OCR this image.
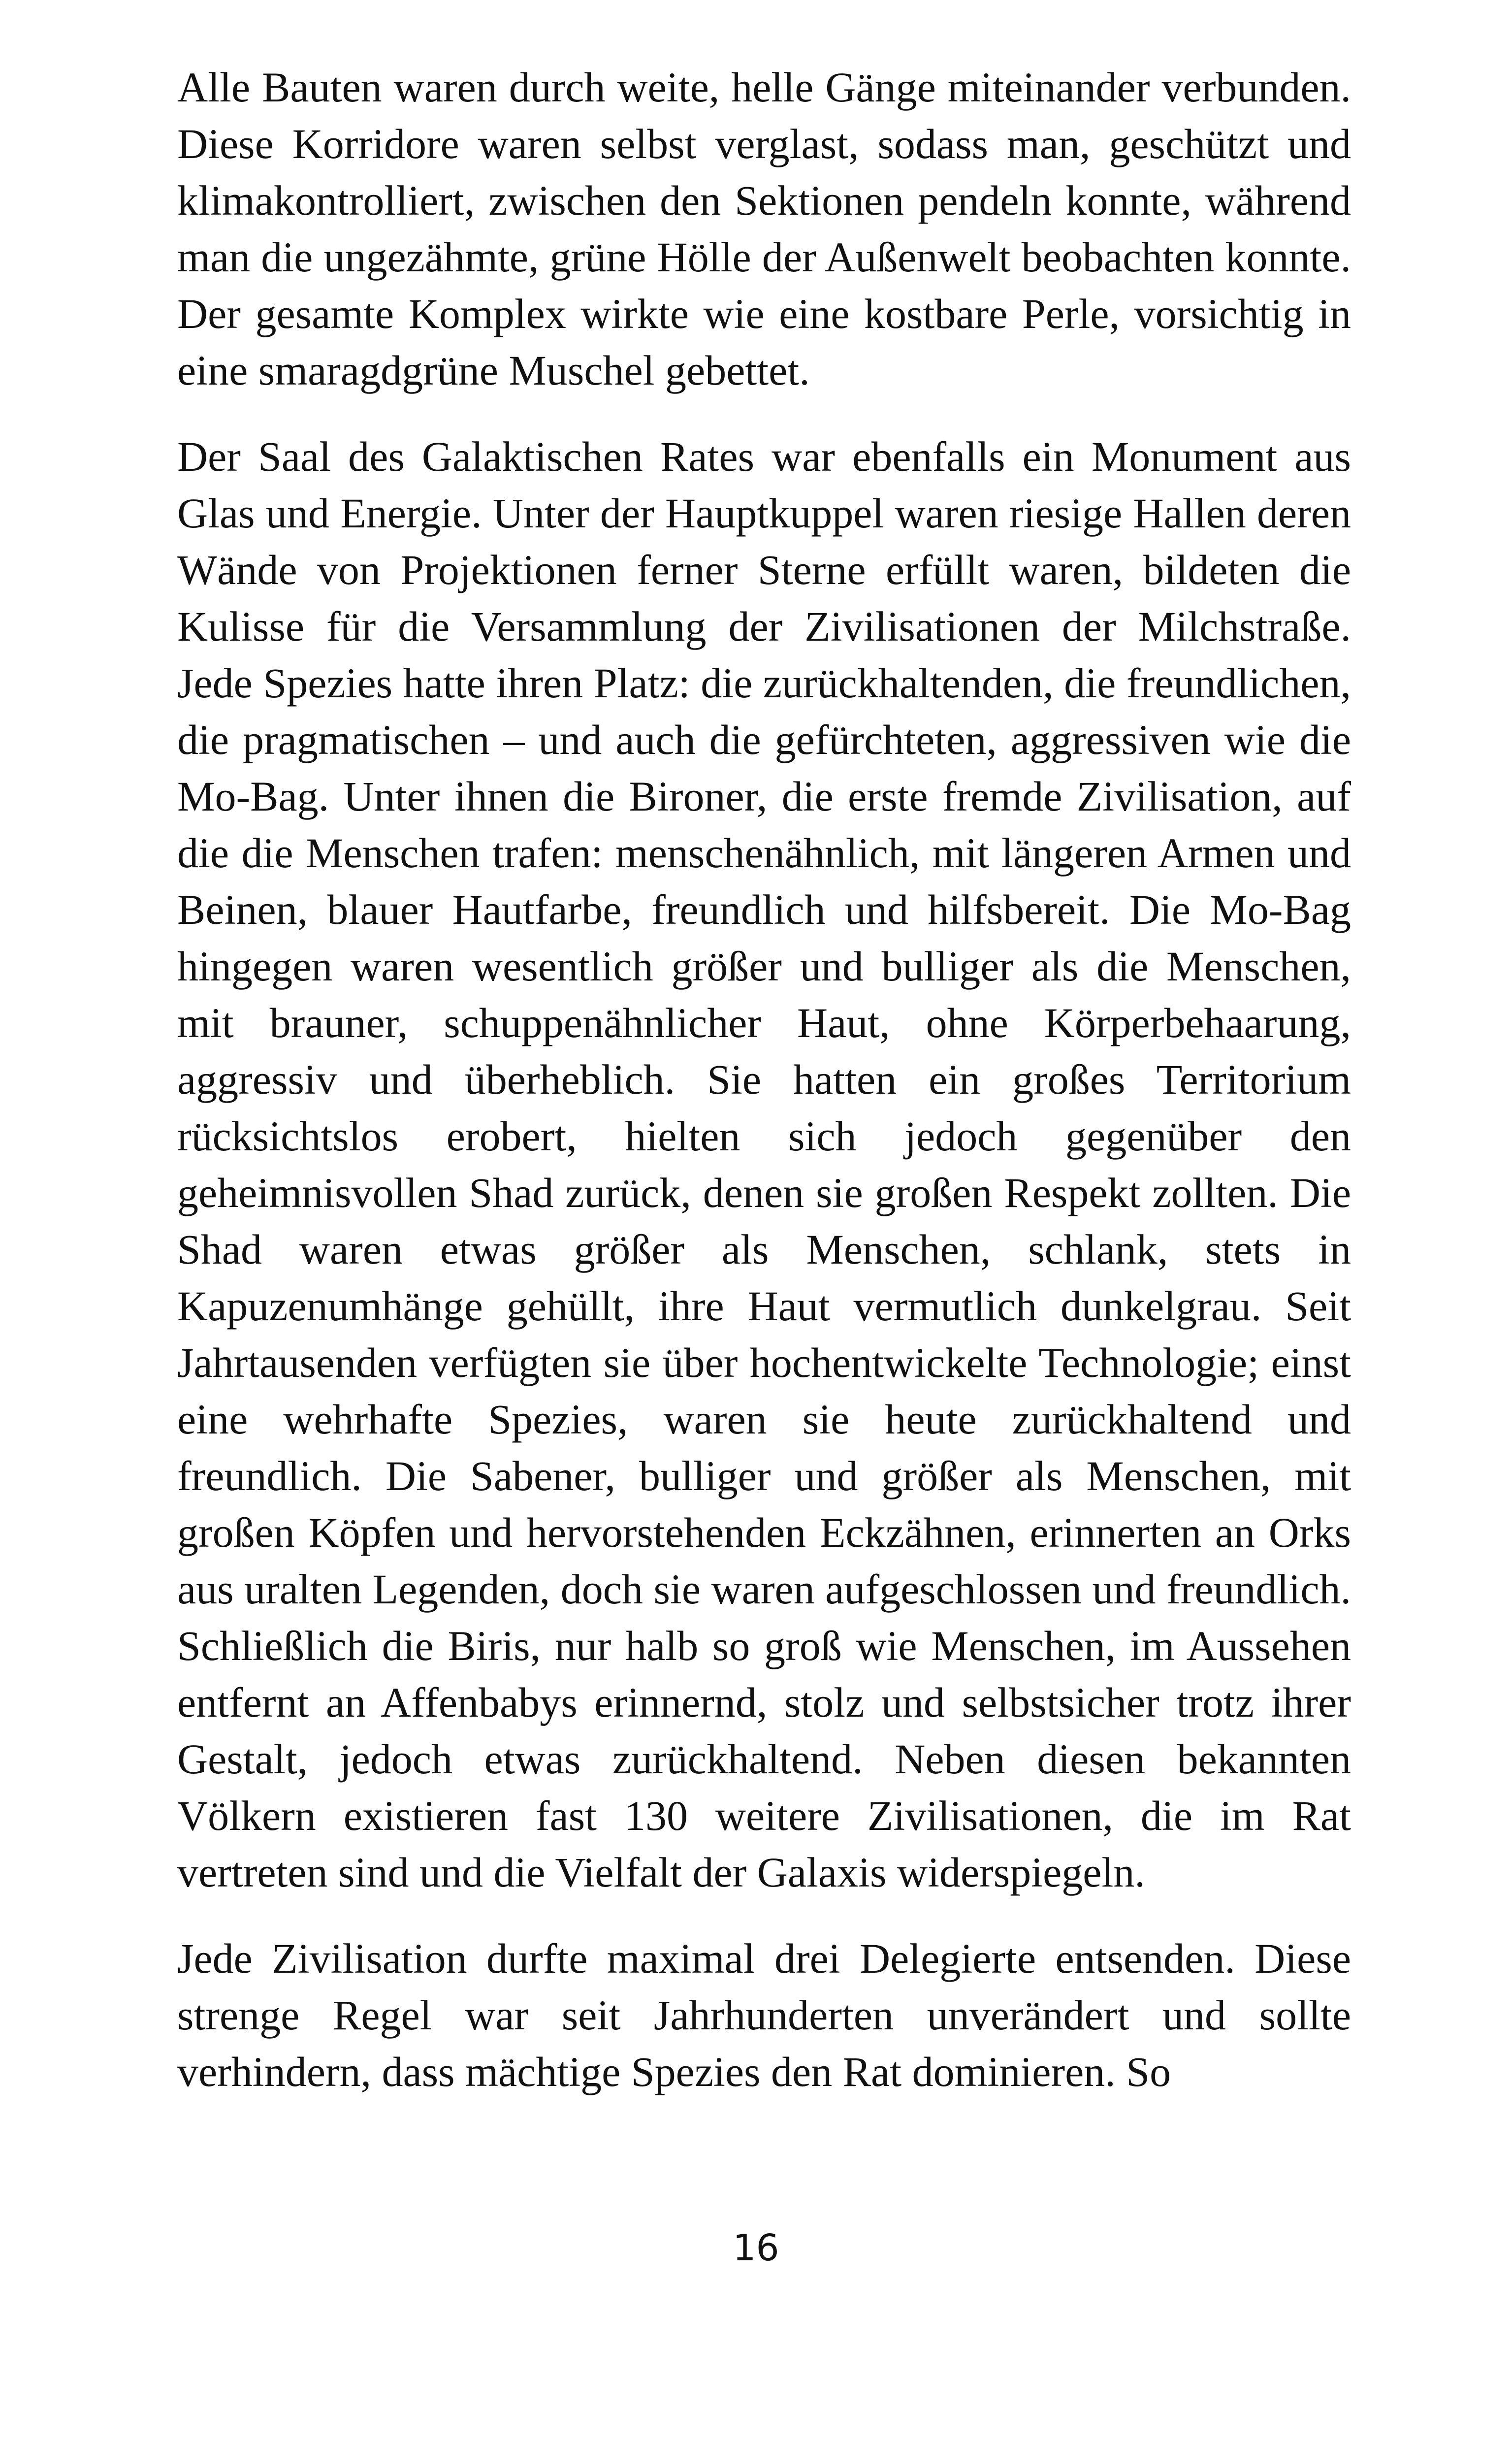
Alle Bauten waren durch weite, helle Gänge miteinander verbunden. Diese Korridore waren selbst verglast, sodass man, geschützt und klimakontrolliert, zwischen den Sektionen pendeln konnte, während man die ungezähmte, grüne Hölle der Außenwelt beobachten konnte. Der gesamte Komplex wirkte wie eine kostbare Perle, vorsichtig in eine smaragdgrüne Muschel gebettet.

Der Saal des Galaktischen Rates war ebenfalls ein Monument aus Glas und Energie. Unter der Hauptkuppel waren riesige Hallen deren Wände von Projektionen ferner Sterne erfüllt waren, bildeten die Kulisse für die Versammlung der Zivilisationen der Milchstraße. Jede Spezies hatte ihren Platz: die zurückhaltenden, die freundlichen, die pragmatischen – und auch die gefürchteten, aggressiven wie die Mo-Bag. Unter ihnen die Bironer, die erste fremde Zivilisation, auf die die Menschen trafen: menschenähnlich, mit längeren Armen und Beinen, blauer Hautfarbe, freundlich und hilfsbereit. Die Mo-Bag hingegen waren wesentlich größer und bulliger als die Menschen, mit brauner, schuppenähnlicher Haut, ohne Körperbehaarung, aggressiv und überheblich. Sie hatten ein großes Territorium rücksichtslos erobert, hielten sich jedoch gegenüber den geheimnisvollen Shad zurück, denen sie großen Respekt zollten. Die Shad waren etwas größer als Menschen, schlank, stets in Kapuzenumhänge gehüllt, ihre Haut vermutlich dunkelgrau. Seit Jahrtausenden verfügten sie über hochentwickelte Technologie; einst eine wehrhafte Spezies, waren sie heute zurückhaltend und freundlich. Die Sabener, bulliger und größer als Menschen, mit großen Köpfen und hervorstehenden Eckzähnen, erinnerten an Orks aus uralten Legenden, doch sie waren aufgeschlossen und freundlich. Schließlich die Biris, nur halb so groß wie Menschen, im Aussehen entfernt an Affenbabys erinnernd, stolz und selbstsicher trotz ihrer Gestalt, jedoch etwas zurückhaltend. Neben diesen bekannten Völkern existieren fast 130 weitere Zivilisationen, die im Rat vertreten sind und die Vielfalt der Galaxis widerspiegeln.

Jede Zivilisation durfte maximal drei Delegierte entsenden. Diese strenge Regel war seit Jahrhunderten unverändert und sollte verhindern, dass mächtige Spezies den Rat dominieren. So

16
